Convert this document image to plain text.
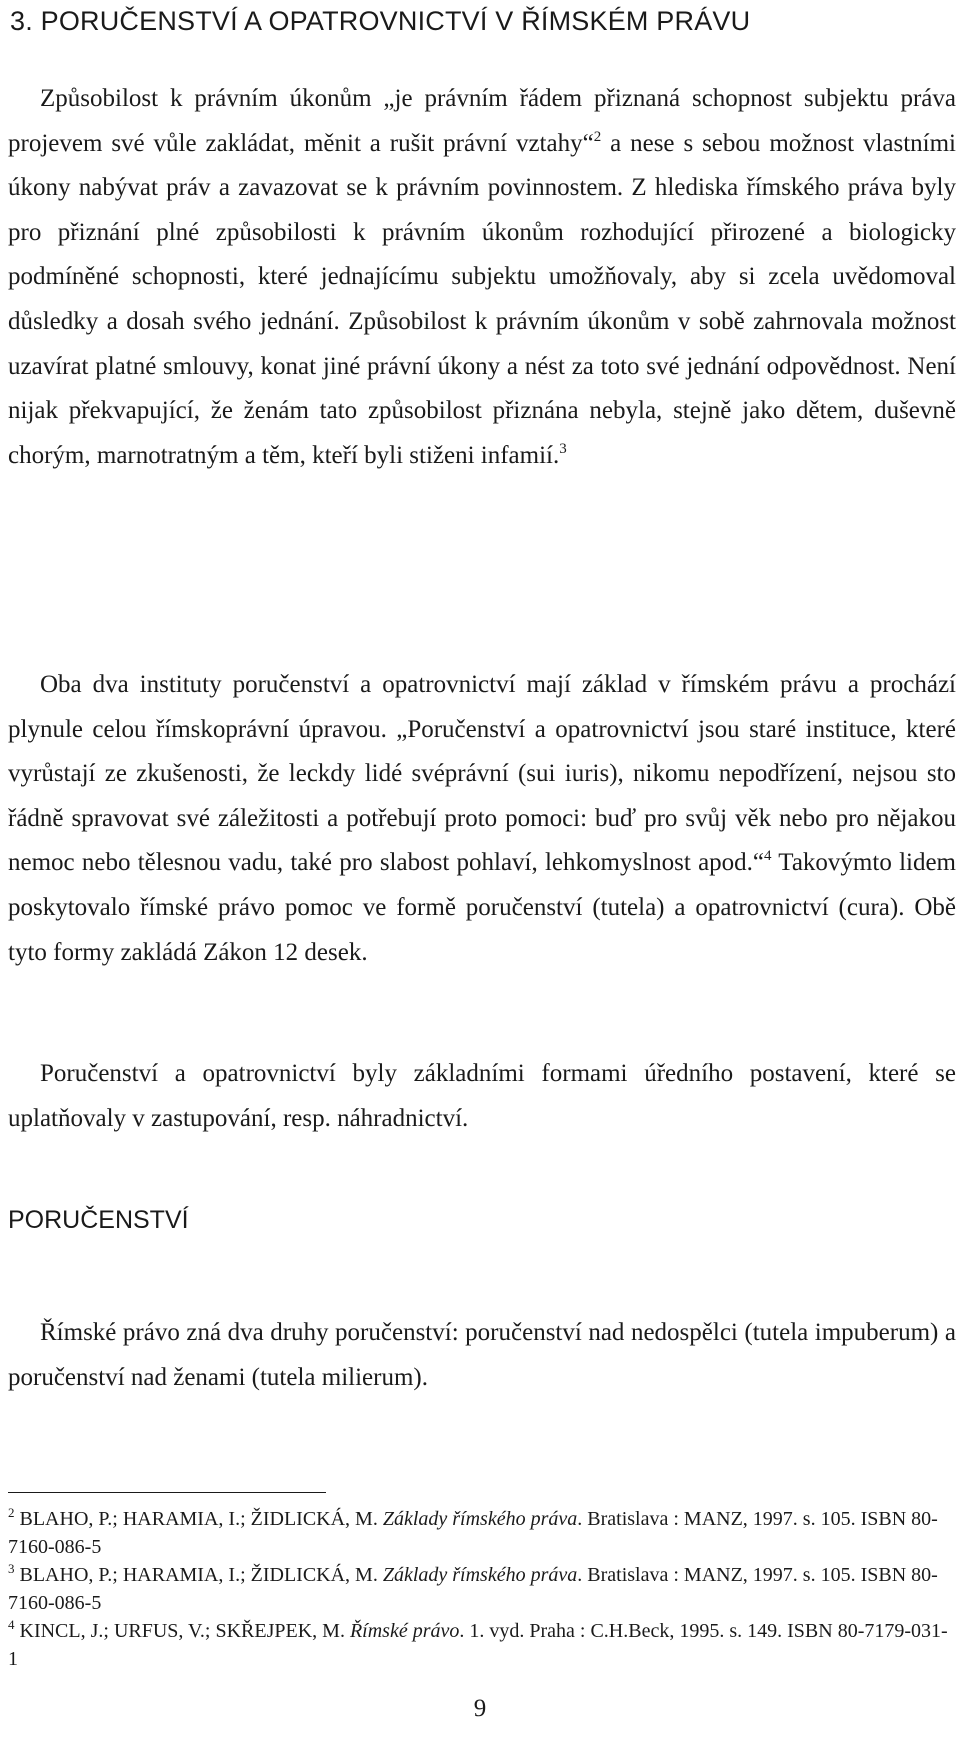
3. PORUČENSTVÍ A OPATROVNICTVÍ V ŘÍMSKÉM PRÁVU

Způsobilost k právním úkonům „je právním řádem přiznaná schopnost subjektu práva projevem své vůle zakládat, měnit a rušit právní vztahy“$^2$ a nese s sebou možnost vlastními úkony nabývat práv a zavazovat se k právním povinnostem. Z hlediska římského práva byly pro přiznání plné způsobilosti k právním úkonům rozhodující přirozené a biologicky podmíněné schopnosti, které jednajícímu subjektu umožňovaly, aby si zcela uvědomoval důsledky a dosah svého jednání. Způsobilost k právním úkonům v sobě zahrnovala možnost uzavírat platné smlouvy, konat jiné právní úkony a nést za toto své jednání odpovědnost. Není nijak překvapující, že ženám tato způsobilost přiznána nebyla, stejně jako dětem, duševně chorým, marnotratným a těm, kteří byli stiženi infamií.$^3$

Oba dva instituty poručenství a opatrovnictví mají základ v římském právu a prochází plynule celou římskoprávní úpravou. „Poručenství a opatrovnictví jsou staré instituce, které vyrůstají ze zkušenosti, že leckdy lidé svéprávní (sui iuris), nikomu nepodřízení, nejsou sto řádně spravovat své záležitosti a potřebují proto pomoci: buď pro svůj věk nebo pro nějakou nemoc nebo tělesnou vadu, také pro slabost pohlaví, lehkomyslnost apod.“$^4$ Takovýmto lidem poskytovalo římské právo pomoc ve formě poručenství (tutela) a opatrovnictví (cura). Obě tyto formy zakládá Zákon 12 desek.

Poručenství a opatrovnictví byly základními formami úředního postavení, které se uplatňovaly v zastupování, resp. náhradnictví.

PORUČENSTVÍ

Římské právo zná dva druhy poručenství: poručenství nad nedospělci (tutela impuberum) a poručenství nad ženami (tutela milierum).

$^2$ BLAHO, P.; HARAMIA, I.; ŽIDLICKÁ, M. Základy římského práva. Bratislava : MANZ, 1997. s. 105. ISBN 80-7160-086-5

$^3$ BLAHO, P.; HARAMIA, I.; ŽIDLICKÁ, M. Základy římského práva. Bratislava : MANZ, 1997. s. 105. ISBN 80-7160-086-5

$^4$ KINCL, J.; URFUS, V.; SKŘEJPEK, M. Římské právo. 1. vyd. Praha : C.H.Beck, 1995. s. 149. ISBN 80-7179-031-1

9
